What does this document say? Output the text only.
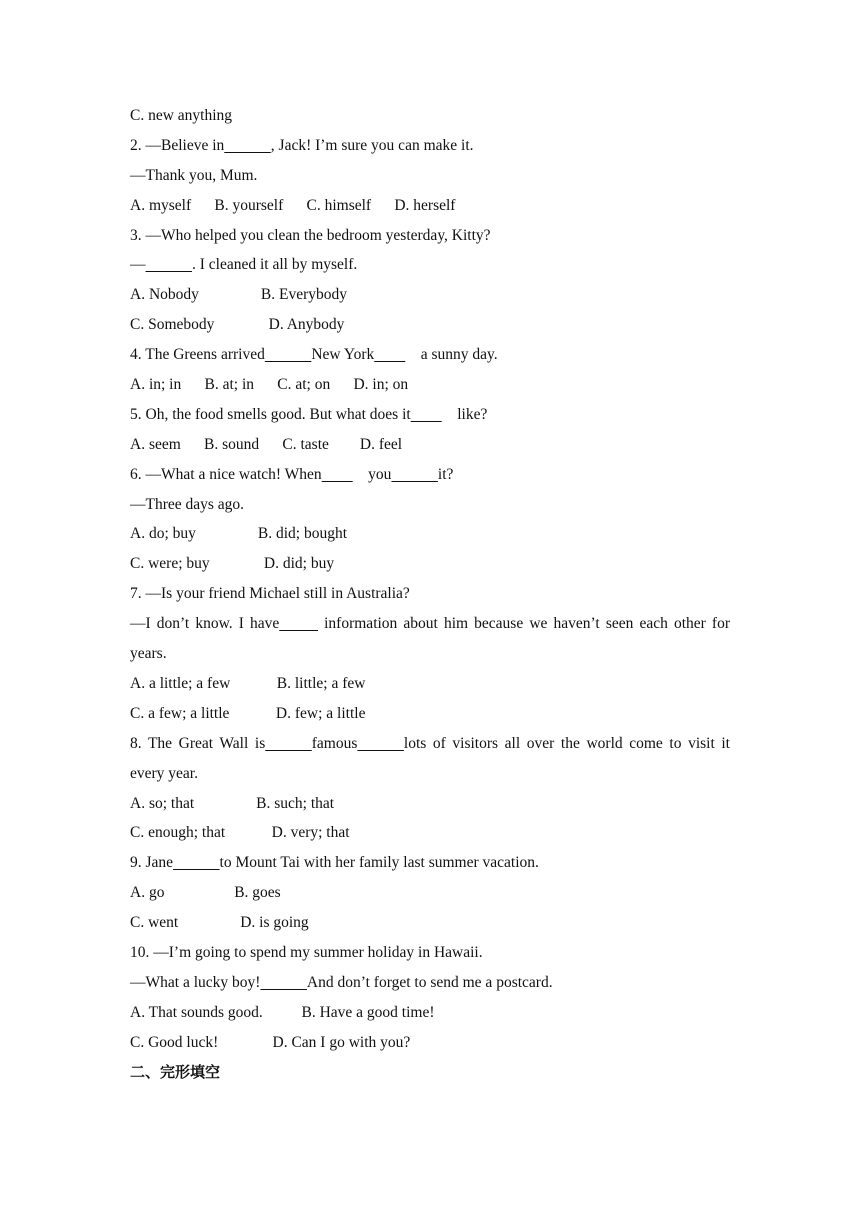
C. new anything
2. —Believe in	, Jack! I’m sure you can make it.
—Thank you, Mum.
A. myself      B. yourself      C. himself      D. herself
3. —Who helped you clean the bedroom yesterday, Kitty?
—	. I cleaned it all by myself.
A. Nobody                B. Everybody
C. Somebody              D. Anybody
4. The Greens arrived	New York    a sunny day.
A. in; in      B. at; in      C. at; on      D. in; on
5. Oh, the food smells good. But what does it    like?
A. seem      B. sound      C. taste        D. feel
6. —What a nice watch! When    you	it?
—Three days ago.
A. do; buy                B. did; bought
C. were; buy              D. did; buy
7. —Is your friend Michael still in Australia?
—I don’t know. I have	information about him because we haven’t seen each other for years.
A. a little; a few            B. little; a few
C. a few; a little            D. few; a little
8. The Great Wall is	famous	lots of visitors all over the world come to visit it every year.
A. so; that                B. such; that
C. enough; that            D. very; that
9. Jane	to Mount Tai with her family last summer vacation.
A. go                  B. goes
C. went                D. is going
10. —I’m going to spend my summer holiday in Hawaii.
—What a lucky boy!	And don’t forget to send me a postcard.
A. That sounds good.          B. Have a good time!
C. Good luck!              D. Can I go with you?
二、完形填空
